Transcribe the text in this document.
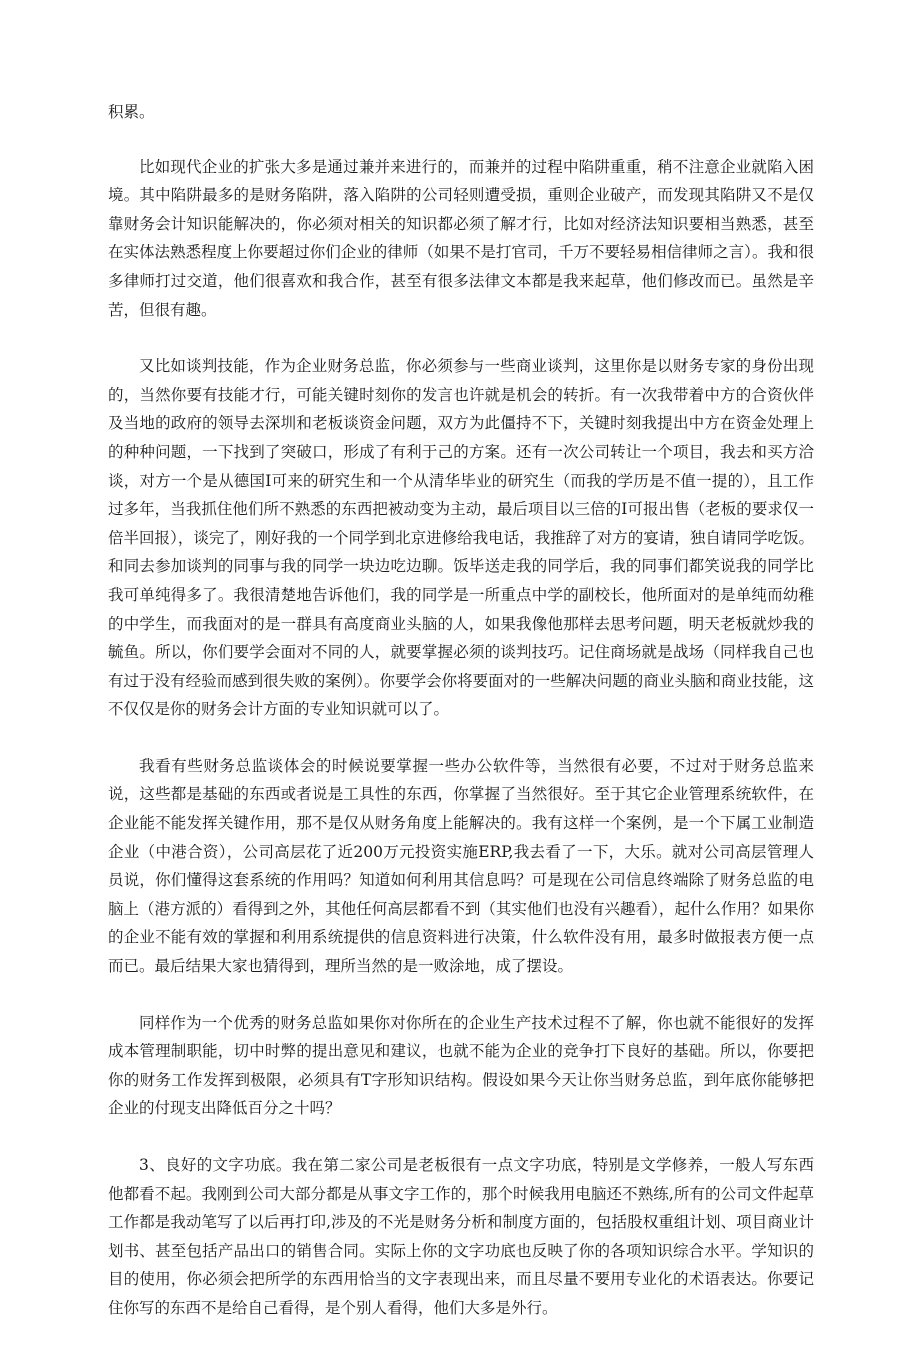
积累。

比如现代企业的扩张大多是通过兼并来进行的，而兼并的过程中陷阱重重，稍不注意企业就陷入困境。其中陷阱最多的是财务陷阱，落入陷阱的公司轻则遭受损，重则企业破产，而发现其陷阱又不是仅靠财务会计知识能解决的，你必须对相关的知识都必须了解才行，比如对经济法知识要相当熟悉，甚至在实体法熟悉程度上你要超过你们企业的律师（如果不是打官司，千万不要轻易相信律师之言）。我和很多律师打过交道，他们很喜欢和我合作，甚至有很多法律文本都是我来起草，他们修改而已。虽然是辛苦，但很有趣。

又比如谈判技能，作为企业财务总监，你必须参与一些商业谈判，这里你是以财务专家的身份出现的，当然你要有技能才行，可能关键时刻你的发言也许就是机会的转折。有一次我带着中方的合资伙伴及当地的政府的领导去深圳和老板谈资金问题，双方为此僵持不下，关键时刻我提出中方在资金处理上的种种问题，一下找到了突破口，形成了有利于己的方案。还有一次公司转让一个项目，我去和买方洽谈，对方一个是从德国I可来的研究生和一个从清华毕业的研究生（而我的学历是不值一提的），且工作过多年，当我抓住他们所不熟悉的东西把被动变为主动，最后项目以三倍的I可报出售（老板的要求仅一倍半回报），谈完了，刚好我的一个同学到北京进修给我电话，我推辞了对方的宴请，独自请同学吃饭。和同去参加谈判的同事与我的同学一块边吃边聊。饭毕送走我的同学后，我的同事们都笑说我的同学比我可单纯得多了。我很清楚地告诉他们，我的同学是一所重点中学的副校长，他所面对的是单纯而幼稚的中学生，而我面对的是一群具有高度商业头脑的人，如果我像他那样去思考问题，明天老板就炒我的毓鱼。所以，你们要学会面对不同的人，就要掌握必须的谈判技巧。记住商场就是战场（同样我自己也有过于没有经验而感到很失败的案例）。你要学会你将要面对的一些解决问题的商业头脑和商业技能，这不仅仅是你的财务会计方面的专业知识就可以了。

我看有些财务总监谈体会的时候说要掌握一些办公软件等，当然很有必要，不过对于财务总监来说，这些都是基础的东西或者说是工具性的东西，你掌握了当然很好。至于其它企业管理系统软件，在企业能不能发挥关键作用，那不是仅从财务角度上能解决的。我有这样一个案例，是一个下属工业制造企业（中港合资），公司高层花了近200万元投资实施ERP,我去看了一下，大乐。就对公司高层管理人员说，你们懂得这套系统的作用吗？知道如何利用其信息吗？可是现在公司信息终端除了财务总监的电脑上（港方派的）看得到之外，其他任何高层都看不到（其实他们也没有兴趣看），起什么作用？如果你的企业不能有效的掌握和利用系统提供的信息资料进行决策，什么软件没有用，最多时做报表方便一点而已。最后结果大家也猜得到，理所当然的是一败涂地，成了摆设。

同样作为一个优秀的财务总监如果你对你所在的企业生产技术过程不了解，你也就不能很好的发挥成本管理制职能，切中时弊的提出意见和建议，也就不能为企业的竞争打下良好的基础。所以，你要把你的财务工作发挥到极限，必须具有T字形知识结构。假设如果今天让你当财务总监，到年底你能够把企业的付现支出降低百分之十吗？

3、良好的文字功底。我在第二家公司是老板很有一点文字功底，特别是文学修养，一般人写东西他都看不起。我刚到公司大部分都是从事文字工作的，那个时候我用电脑还不熟练,所有的公司文件起草工作都是我动笔写了以后再打印,涉及的不光是财务分析和制度方面的，包括股权重组计划、项目商业计划书、甚至包括产品出口的销售合同。实际上你的文字功底也反映了你的各项知识综合水平。学知识的目的使用，你必须会把所学的东西用恰当的文字表现出来，而且尽量不要用专业化的术语表达。你要记住你写的东西不是给自己看得，是个别人看得，他们大多是外行。
